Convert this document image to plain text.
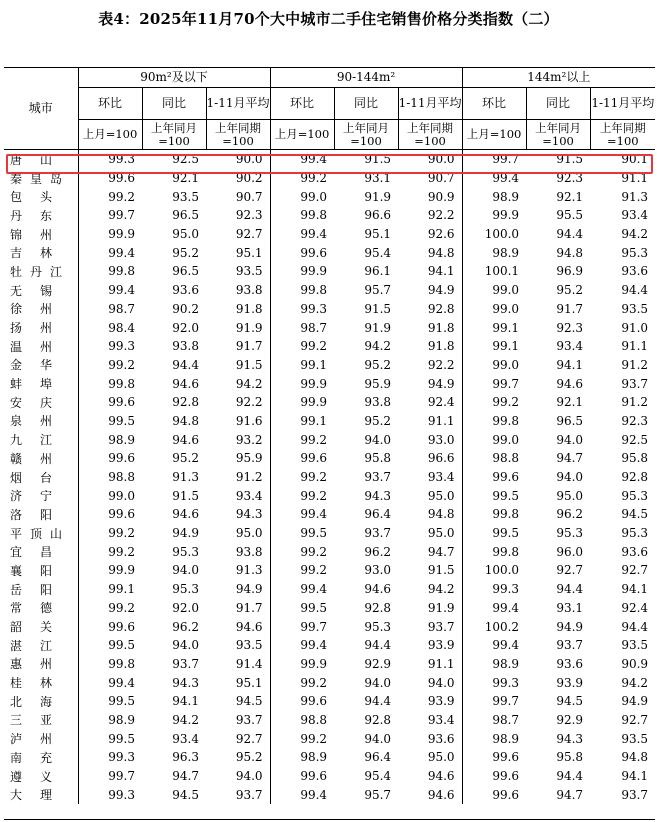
表4：2025年11月70个大中城市二手住宅销售价格分类指数（二）
城市	90m²及以下			90-144m²			144m²以上		
	环比	同比	1-11月平均	环比	同比	1-11月平均	环比	同比	1-11月平均
	上月=100	上年同月=100	上年同期=100	上月=100	上年同月=100	上年同期=100	上月=100	上年同月=100	上年同期=100

唐 山	99.3	92.5	90.0	99.4	91.5	90.0	99.7	91.5	90.1

秦 皇 岛	99.6	92.1	90.2	99.2	93.1	90.7	99.4	92.3	91.1

包 头	99.2	93.5	90.7	99.0	91.9	90.9	98.9	92.1	91.3

丹 东	99.7	96.5	92.3	99.8	96.6	92.2	99.9	95.5	93.4

锦 州	99.9	95.0	92.7	99.4	95.1	92.6	100.0	94.4	94.2

吉 林	99.4	95.2	95.1	99.6	95.4	94.8	98.9	94.8	95.3

牡 丹 江	99.8	96.5	93.5	99.9	96.1	94.1	100.1	96.9	93.6

无 锡	99.4	93.6	93.8	99.8	95.7	94.9	99.0	95.2	94.4

徐 州	98.7	90.2	91.8	99.3	91.5	92.8	99.0	91.7	93.5

扬 州	98.4	92.0	91.9	98.7	91.9	91.8	99.1	92.3	91.0

温 州	99.3	93.8	91.7	99.2	94.2	91.8	99.1	93.4	91.1

金 华	99.2	94.4	91.5	99.1	95.2	92.2	99.0	94.1	91.2

蚌 埠	99.8	94.6	94.2	99.9	95.9	94.9	99.7	94.6	93.7

安 庆	99.6	92.8	92.2	99.9	93.8	92.4	99.2	92.1	91.2

泉 州	99.5	94.8	91.6	99.1	95.2	91.1	99.8	96.5	92.3

九 江	98.9	94.6	93.2	99.2	94.0	93.0	99.0	94.0	92.5

赣 州	99.6	95.2	95.9	99.6	95.8	96.6	98.8	94.7	95.8

烟 台	98.8	91.3	91.2	99.2	93.7	93.4	99.6	94.0	92.8

济 宁	99.0	91.5	93.4	99.2	94.3	95.0	99.5	95.0	95.3

洛 阳	99.6	94.6	94.3	99.4	96.4	94.8	99.8	96.2	94.5

平 顶 山	99.2	94.9	95.0	99.5	93.7	95.0	99.5	95.3	95.3

宜 昌	99.2	95.3	93.8	99.2	96.2	94.7	99.8	96.0	93.6

襄 阳	99.9	94.0	91.3	99.2	93.0	91.5	100.0	92.7	92.7

岳 阳	99.1	95.3	94.9	99.4	94.6	94.2	99.3	94.4	94.1

常 德	99.2	92.0	91.7	99.5	92.8	91.9	99.4	93.1	92.4

韶 关	99.6	96.2	94.6	99.7	95.3	93.7	100.2	94.9	94.4

湛 江	99.5	94.0	93.5	99.4	94.4	93.9	99.4	93.7	93.5

惠 州	99.8	93.7	91.4	99.9	92.9	91.1	98.9	93.6	90.9

桂 林	99.4	94.3	95.1	99.2	94.0	94.0	99.3	93.9	94.2

北 海	99.5	94.1	94.5	99.6	94.4	93.9	99.7	94.5	94.9

三 亚	98.9	94.2	93.7	98.8	92.8	93.4	98.7	92.9	92.7

泸 州	99.5	93.4	92.7	99.2	94.0	93.6	98.9	94.3	93.5

南 充	99.3	96.3	95.2	98.9	96.4	95.0	99.6	95.8	94.8

遵 义	99.7	94.7	94.0	99.6	95.4	94.6	99.6	94.4	94.1

大 理	99.3	94.5	93.7	99.4	95.7	94.6	99.6	94.7	93.7
